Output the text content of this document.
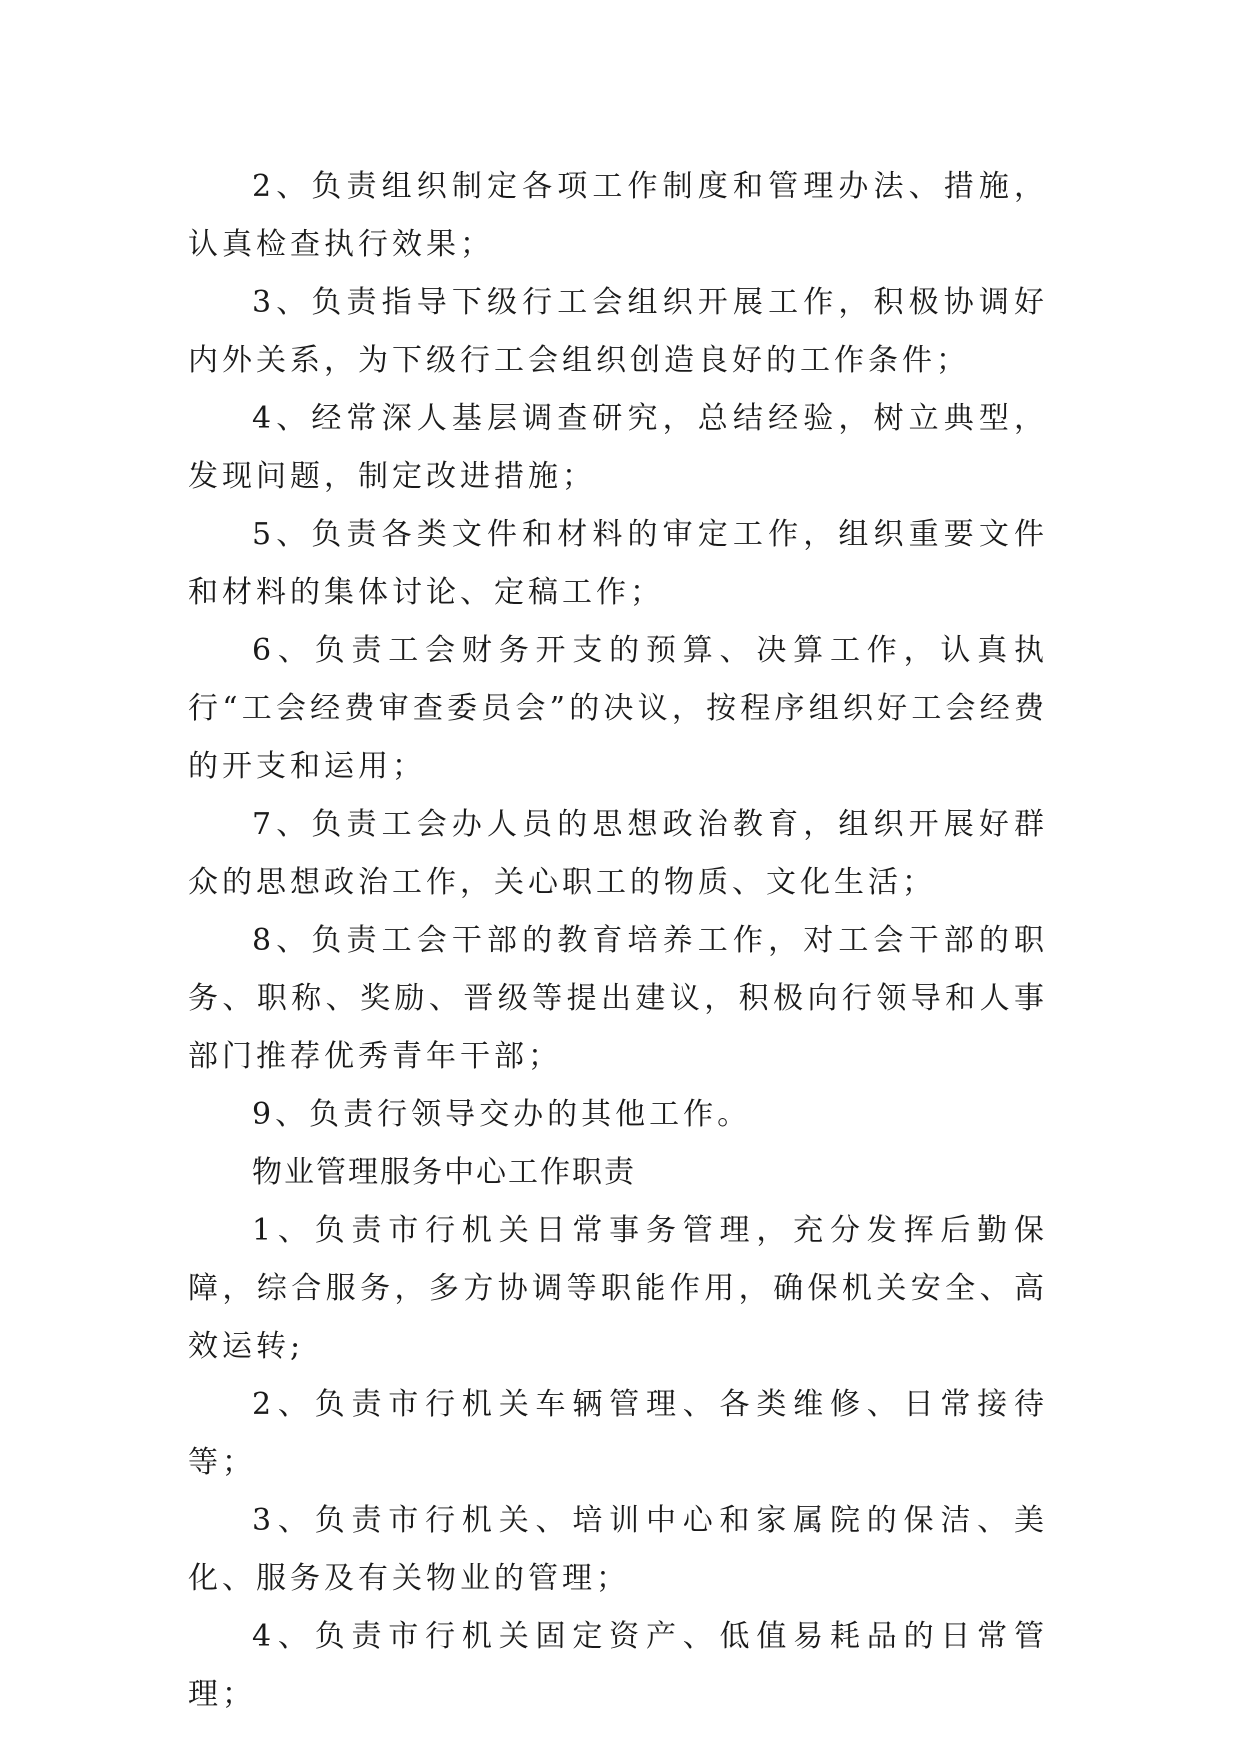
2、负责组织制定各项工作制度和管理办法、措施，认真检查执行效果；

3、负责指导下级行工会组织开展工作，积极协调好内外关系，为下级行工会组织创造良好的工作条件；

4、经常深人基层调查研究，总结经验，树立典型，发现问题，制定改进措施；

5、负责各类文件和材料的审定工作，组织重要文件和材料的集体讨论、定稿工作；

6、负责工会财务开支的预算、决算工作，认真执行“工会经费审查委员会”的决议，按程序组织好工会经费的开支和运用；

7、负责工会办人员的思想政治教育，组织开展好群众的思想政治工作，关心职工的物质、文化生活；

8、负责工会干部的教育培养工作，对工会干部的职务、职称、奖励、晋级等提出建议，积极向行领导和人事部门推荐优秀青年干部；

9、负责行领导交办的其他工作。

物业管理服务中心工作职责

1、负责市行机关日常事务管理，充分发挥后勤保障，综合服务，多方协调等职能作用，确保机关安全、高效运转;

2、负责市行机关车辆管理、各类维修、日常接待等；

3、负责市行机关、培训中心和家属院的保洁、美化、服务及有关物业的管理；

4、负责市行机关固定资产、低值易耗品的日常管理；
